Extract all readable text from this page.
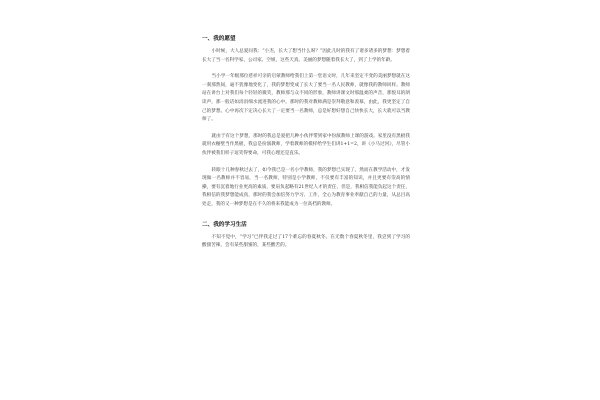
一、我的愿望

小时候，大人总爱问我：“小杰，长大了想当什么呀？”因此儿时的我有了诸多诸多的梦想：梦想着长大了当一名科学家、公司家、空姐，这些天真、美丽的梦想随着我长大了，到了上学的年龄。

当小学一年级那位慈祥可亲的启蒙教师给我们上第一堂语文时，几年来坚定不变的美丽梦想就在这一刹那然间，毫不犹豫地变化了，我的梦想变成了长大了要当一名人民教师，就像我的教师同样。教师站在讲台上对我们每个轻轻的微笑，教师那与众不同的形象，教师讲课文时那温柔的声音，那悦耳的朗读声，那一般话如涓涓细水流进我的心中。那时的我对教师满是崇拜敬意和羡慕，由此，我更坚定了自己的梦想。心中再次下定决心长大了一定要当一名教师，总是好想好想自己快快长大，长大就可以当教师了。

就由于有这个梦想，那时的我总是爱把几种小伙伴带到家中扮演教师上课的游戏。家里没有黑板我就用衣橱壁当作黑板，我总是扮演教师，学着教师的模样给学生们讲1+1=2，讲《小马过河》，尽管小伙伴被我们样子逗笑得要命，可我心理还是直乐。

转眼十几种春秋过去了，如今我已是一名小学教师，我的梦想已实现了。然而在教学活动中，才发现做一名教师并不容易，当一名教师，特别是小学教师，不仅要有丰富的知识，并且更要有崇高的情操，要有沉着地行业更高的素质，要肩负起略有21世纪人才的责任，但是，我相信我能负起这个责任，我相信的我梦想能成真，那时的我会加倍努力学习、工作，全心为教育事业奉献自己的力量，从总目高处走，我的又一种梦想是在不久的将来我能成为一位高档的教师。

二、我的学习生活

不知不觉中，“学习”已伴我走过了17个难忘的春夏秋冬。在无数个春夏秋冬里，我尝到了学习的酸甜苦辣，会有某些甜蜜的，某些酸苦的。
